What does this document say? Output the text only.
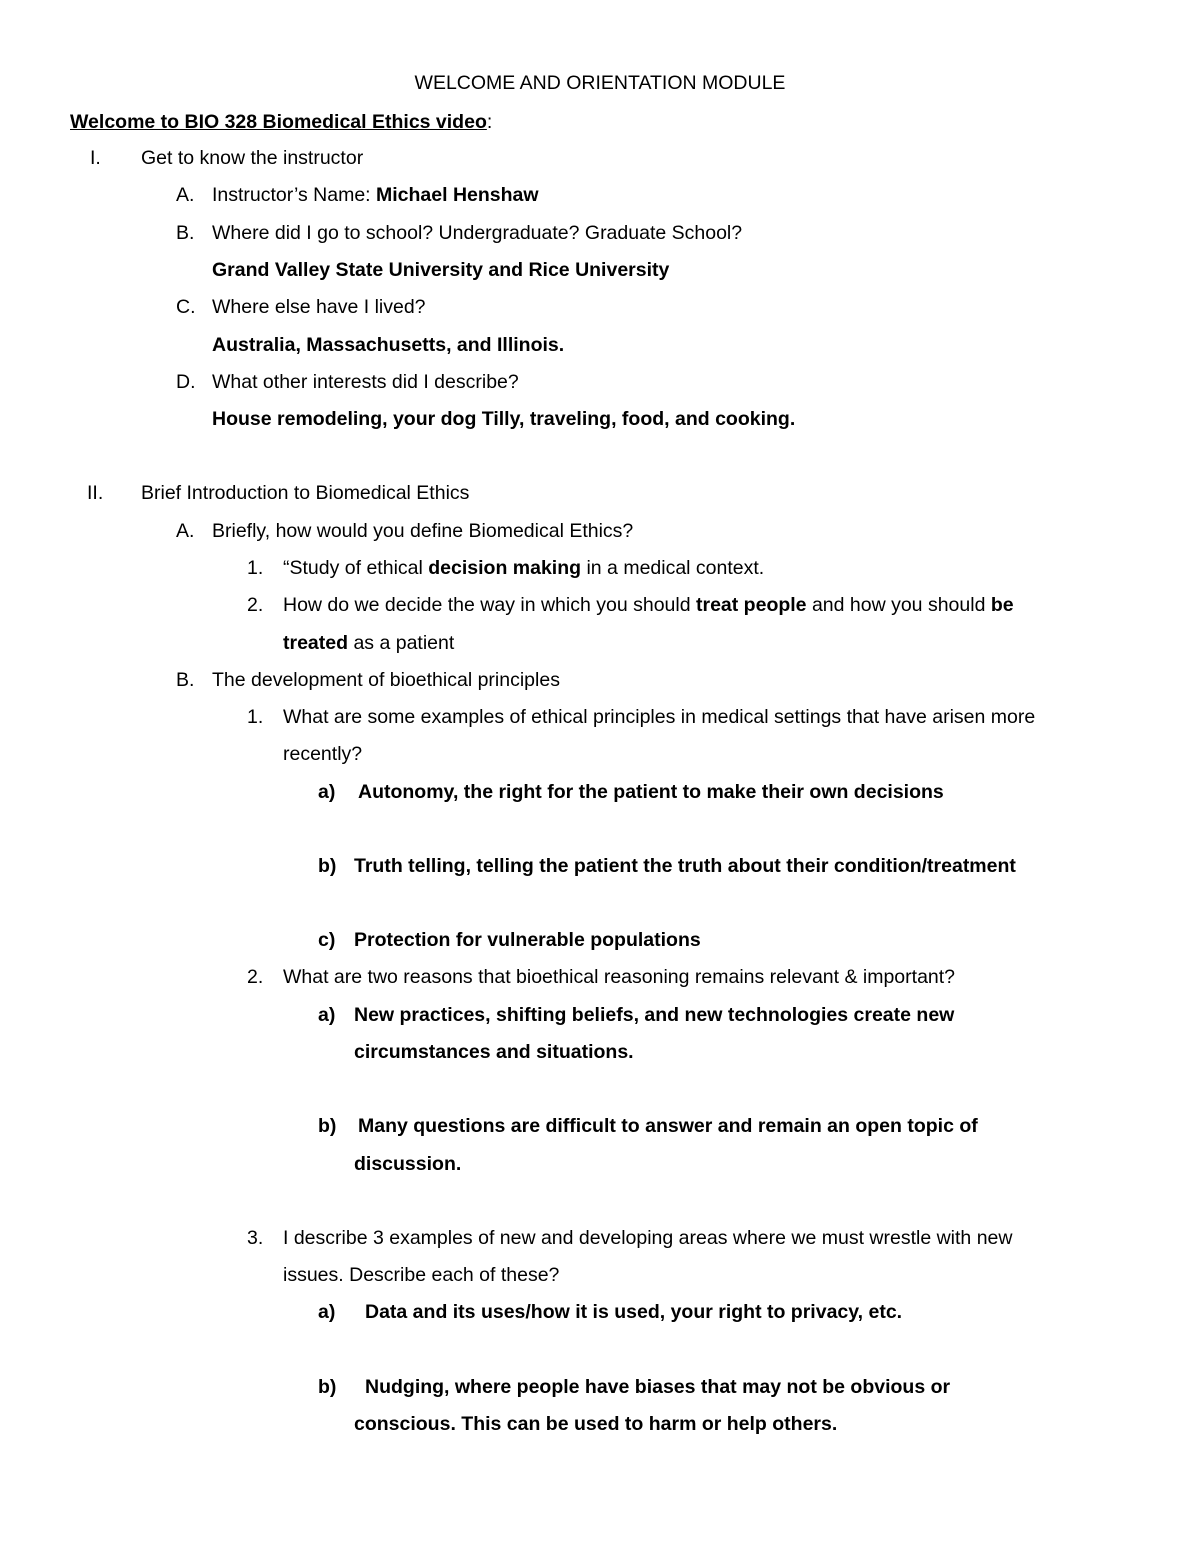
WELCOME AND ORIENTATION MODULE
Welcome to BIO 328 Biomedical Ethics video:
I. Get to know the instructor
A. Instructor’s Name: Michael Henshaw
B. Where did I go to school? Undergraduate? Graduate School?
Grand Valley State University and Rice University
C. Where else have I lived?
Australia, Massachusetts, and Illinois.
D. What other interests did I describe?
House remodeling, your dog Tilly, traveling, food, and cooking.
II. Brief Introduction to Biomedical Ethics
A. Briefly, how would you define Biomedical Ethics?
1. “Study of ethical decision making in a medical context.
2. How do we decide the way in which you should treat people and how you should be
treated as a patient
B. The development of bioethical principles
1. What are some examples of ethical principles in medical settings that have arisen more
recently?
a) Autonomy, the right for the patient to make their own decisions
b) Truth telling, telling the patient the truth about their condition/treatment
c) Protection for vulnerable populations
2. What are two reasons that bioethical reasoning remains relevant & important?
a) New practices, shifting beliefs, and new technologies create new
circumstances and situations.
b) Many questions are difficult to answer and remain an open topic of
discussion.
3. I describe 3 examples of new and developing areas where we must wrestle with new
issues. Describe each of these?
a) Data and its uses/how it is used, your right to privacy, etc.
b) Nudging, where people have biases that may not be obvious or
conscious. This can be used to harm or help others.
